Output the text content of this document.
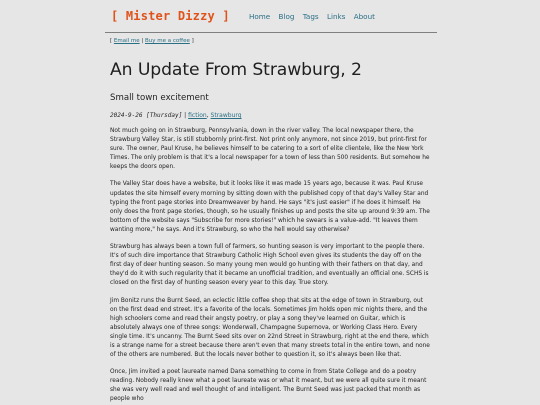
[ Mister Dizzy ]	Home Blog Tags Links About

[ Email me | Buy me a coffee ]

An Update From Strawburg, 2
Small town excitement

2024-9-26 [Thursday] | fiction, Strawburg

Not much going on in Strawburg, Pennsylvania, down in the river valley. The local newspaper there, the Strawburg Valley Star, is still stubbornly print-first. Not print only anymore, not since 2019, but print-first for sure. The owner, Paul Kruse, he believes himself to be catering to a sort of elite clientele, like the New York Times. The only problem is that it's a local newspaper for a town of less than 500 residents. But somehow he keeps the doors open.

The Valley Star does have a website, but it looks like it was made 15 years ago, because it was. Paul Kruse updates the site himself every morning by sitting down with the published copy of that day's Valley Star and typing the front page stories into Dreamweaver by hand. He says "it's just easier" if he does it himself. He only does the front page stories, though, so he usually finishes up and posts the site up around 9:39 am. The bottom of the website says "Subscribe for more stories!" which he swears is a value-add. "It leaves them wanting more," he says. And it's Strawburg, so who the hell would say otherwise?

Strawburg has always been a town full of farmers, so hunting season is very important to the people there. It's of such dire importance that Strawburg Catholic High School even gives its students the day off on the first day of deer hunting season. So many young men would go hunting with their fathers on that day, and they'd do it with such regularity that it became an unofficial tradition, and eventually an official one. SCHS is closed on the first day of hunting season every year to this day. True story.

Jim Bonitz runs the Burnt Seed, an eclectic little coffee shop that sits at the edge of town in Strawburg, out on the first dead end street. It's a favorite of the locals. Sometimes Jim holds open mic nights there, and the high schoolers come and read their angsty poetry, or play a song they've learned on Guitar, which is absolutely always one of three songs: Wonderwall, Champagne Supernova, or Working Class Hero. Every single time. It's uncanny. The Burnt Seed sits over on 22nd Street in Strawburg, right at the end there, which is a strange name for a street because there aren't even that many streets total in the entire town, and none of the others are numbered. But the locals never bother to question it, so it's always been like that.

Once, Jim invited a poet laureate named Dana something to come in from State College and do a poetry reading. Nobody really knew what a poet laureate was or what it meant, but we were all quite sure it meant she was very well read and well thought of and intelligent. The Burnt Seed was just packed that month as people who
